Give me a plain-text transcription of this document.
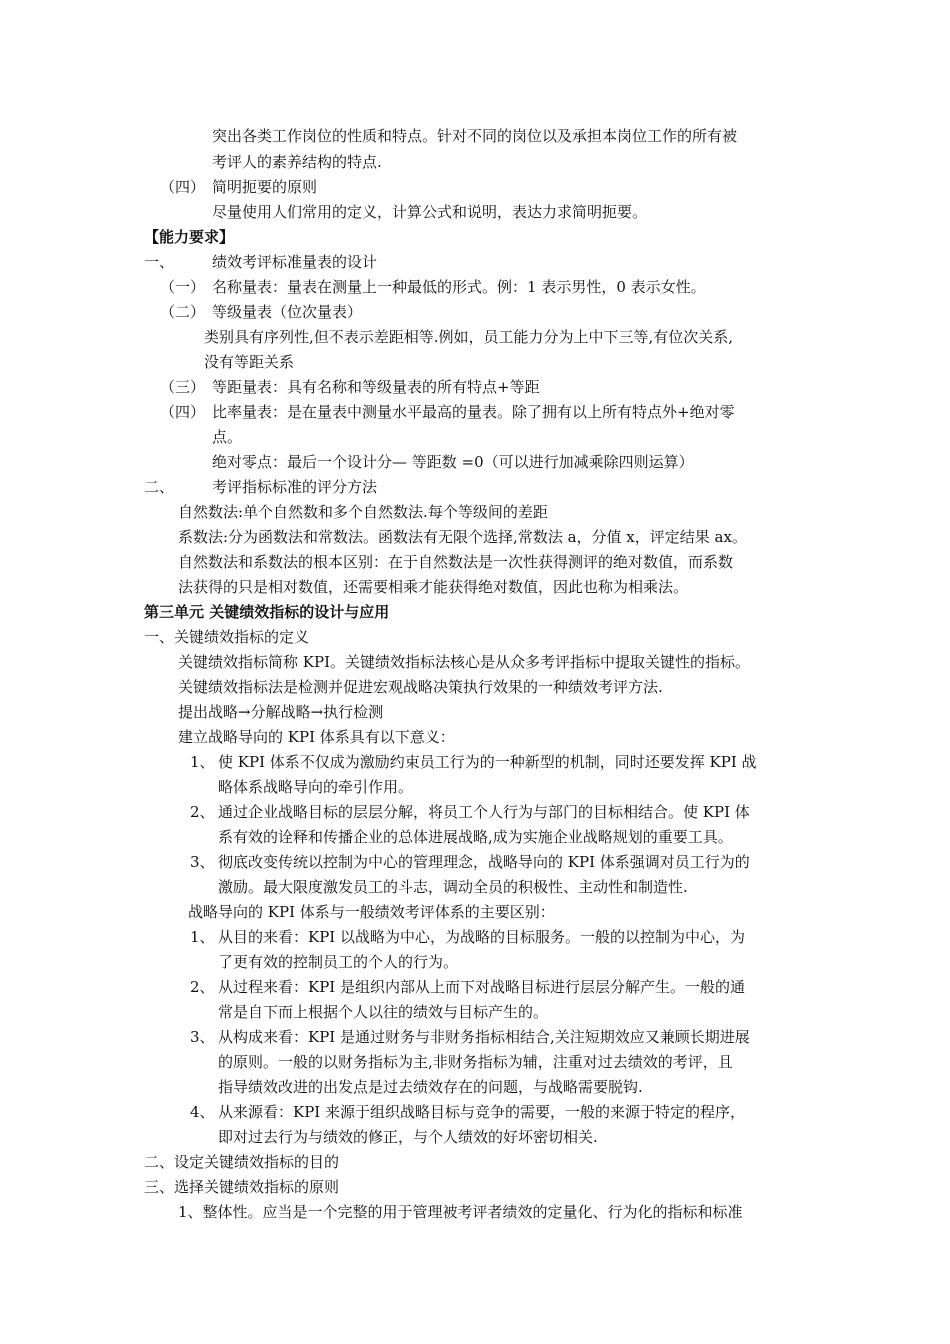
突出各类工作岗位的性质和特点。针对不同的岗位以及承担本岗位工作的所有被
考评人的素养结构的特点.
（四） 简明扼要的原则
尽量使用人们常用的定义，计算公式和说明，表达力求简明扼要。
【能力要求】
一、	绩效考评标准量表的设计
（一） 名称量表：量表在测量上一种最低的形式。例：1 表示男性，0 表示女性。
（二） 等级量表（位次量表）
类别具有序列性,但不表示差距相等.例如，员工能力分为上中下三等,有位次关系,
没有等距关系
（三） 等距量表：具有名称和等级量表的所有特点+等距
（四） 比率量表：是在量表中测量水平最高的量表。除了拥有以上所有特点外+绝对零
点。
绝对零点：最后一个设计分— 等距数 =0（可以进行加减乘除四则运算）
二、	考评指标标准的评分方法
自然数法:单个自然数和多个自然数法.每个等级间的差距
系数法:分为函数法和常数法。函数法有无限个选择,常数法 a，分值 x，评定结果 ax。
自然数法和系数法的根本区别：在于自然数法是一次性获得测评的绝对数值，而系数
法获得的只是相对数值，还需要相乘才能获得绝对数值，因此也称为相乘法。
第三单元 关键绩效指标的设计与应用
一、关键绩效指标的定义
关键绩效指标简称 KPI。关键绩效指标法核心是从众多考评指标中提取关键性的指标。
关键绩效指标法是检测并促进宏观战略决策执行效果的一种绩效考评方法.
提出战略→分解战略→执行检测
建立战略导向的 KPI 体系具有以下意义：
1、 使 KPI 体系不仅成为激励约束员工行为的一种新型的机制，同时还要发挥 KPI 战
略体系战略导向的牵引作用。
2、 通过企业战略目标的层层分解，将员工个人行为与部门的目标相结合。使 KPI 体
系有效的诠释和传播企业的总体进展战略,成为实施企业战略规划的重要工具。
3、 彻底改变传统以控制为中心的管理理念，战略导向的 KPI 体系强调对员工行为的
激励。最大限度激发员工的斗志，调动全员的积极性、主动性和制造性.
战略导向的 KPI 体系与一般绩效考评体系的主要区别：
1、 从目的来看：KPI 以战略为中心，为战略的目标服务。一般的以控制为中心，为
了更有效的控制员工的个人的行为。
2、 从过程来看：KPI 是组织内部从上而下对战略目标进行层层分解产生。一般的通
常是自下而上根据个人以往的绩效与目标产生的。
3、 从构成来看：KPI 是通过财务与非财务指标相结合,关注短期效应又兼顾长期进展
的原则。一般的以财务指标为主,非财务指标为辅，注重对过去绩效的考评，且
指导绩效改进的出发点是过去绩效存在的问题，与战略需要脱钩.
4、 从来源看：KPI 来源于组织战略目标与竞争的需要，一般的来源于特定的程序，
即对过去行为与绩效的修正，与个人绩效的好坏密切相关.
二、设定关键绩效指标的目的
三、选择关键绩效指标的原则
1、整体性。应当是一个完整的用于管理被考评者绩效的定量化、行为化的指标和标准
